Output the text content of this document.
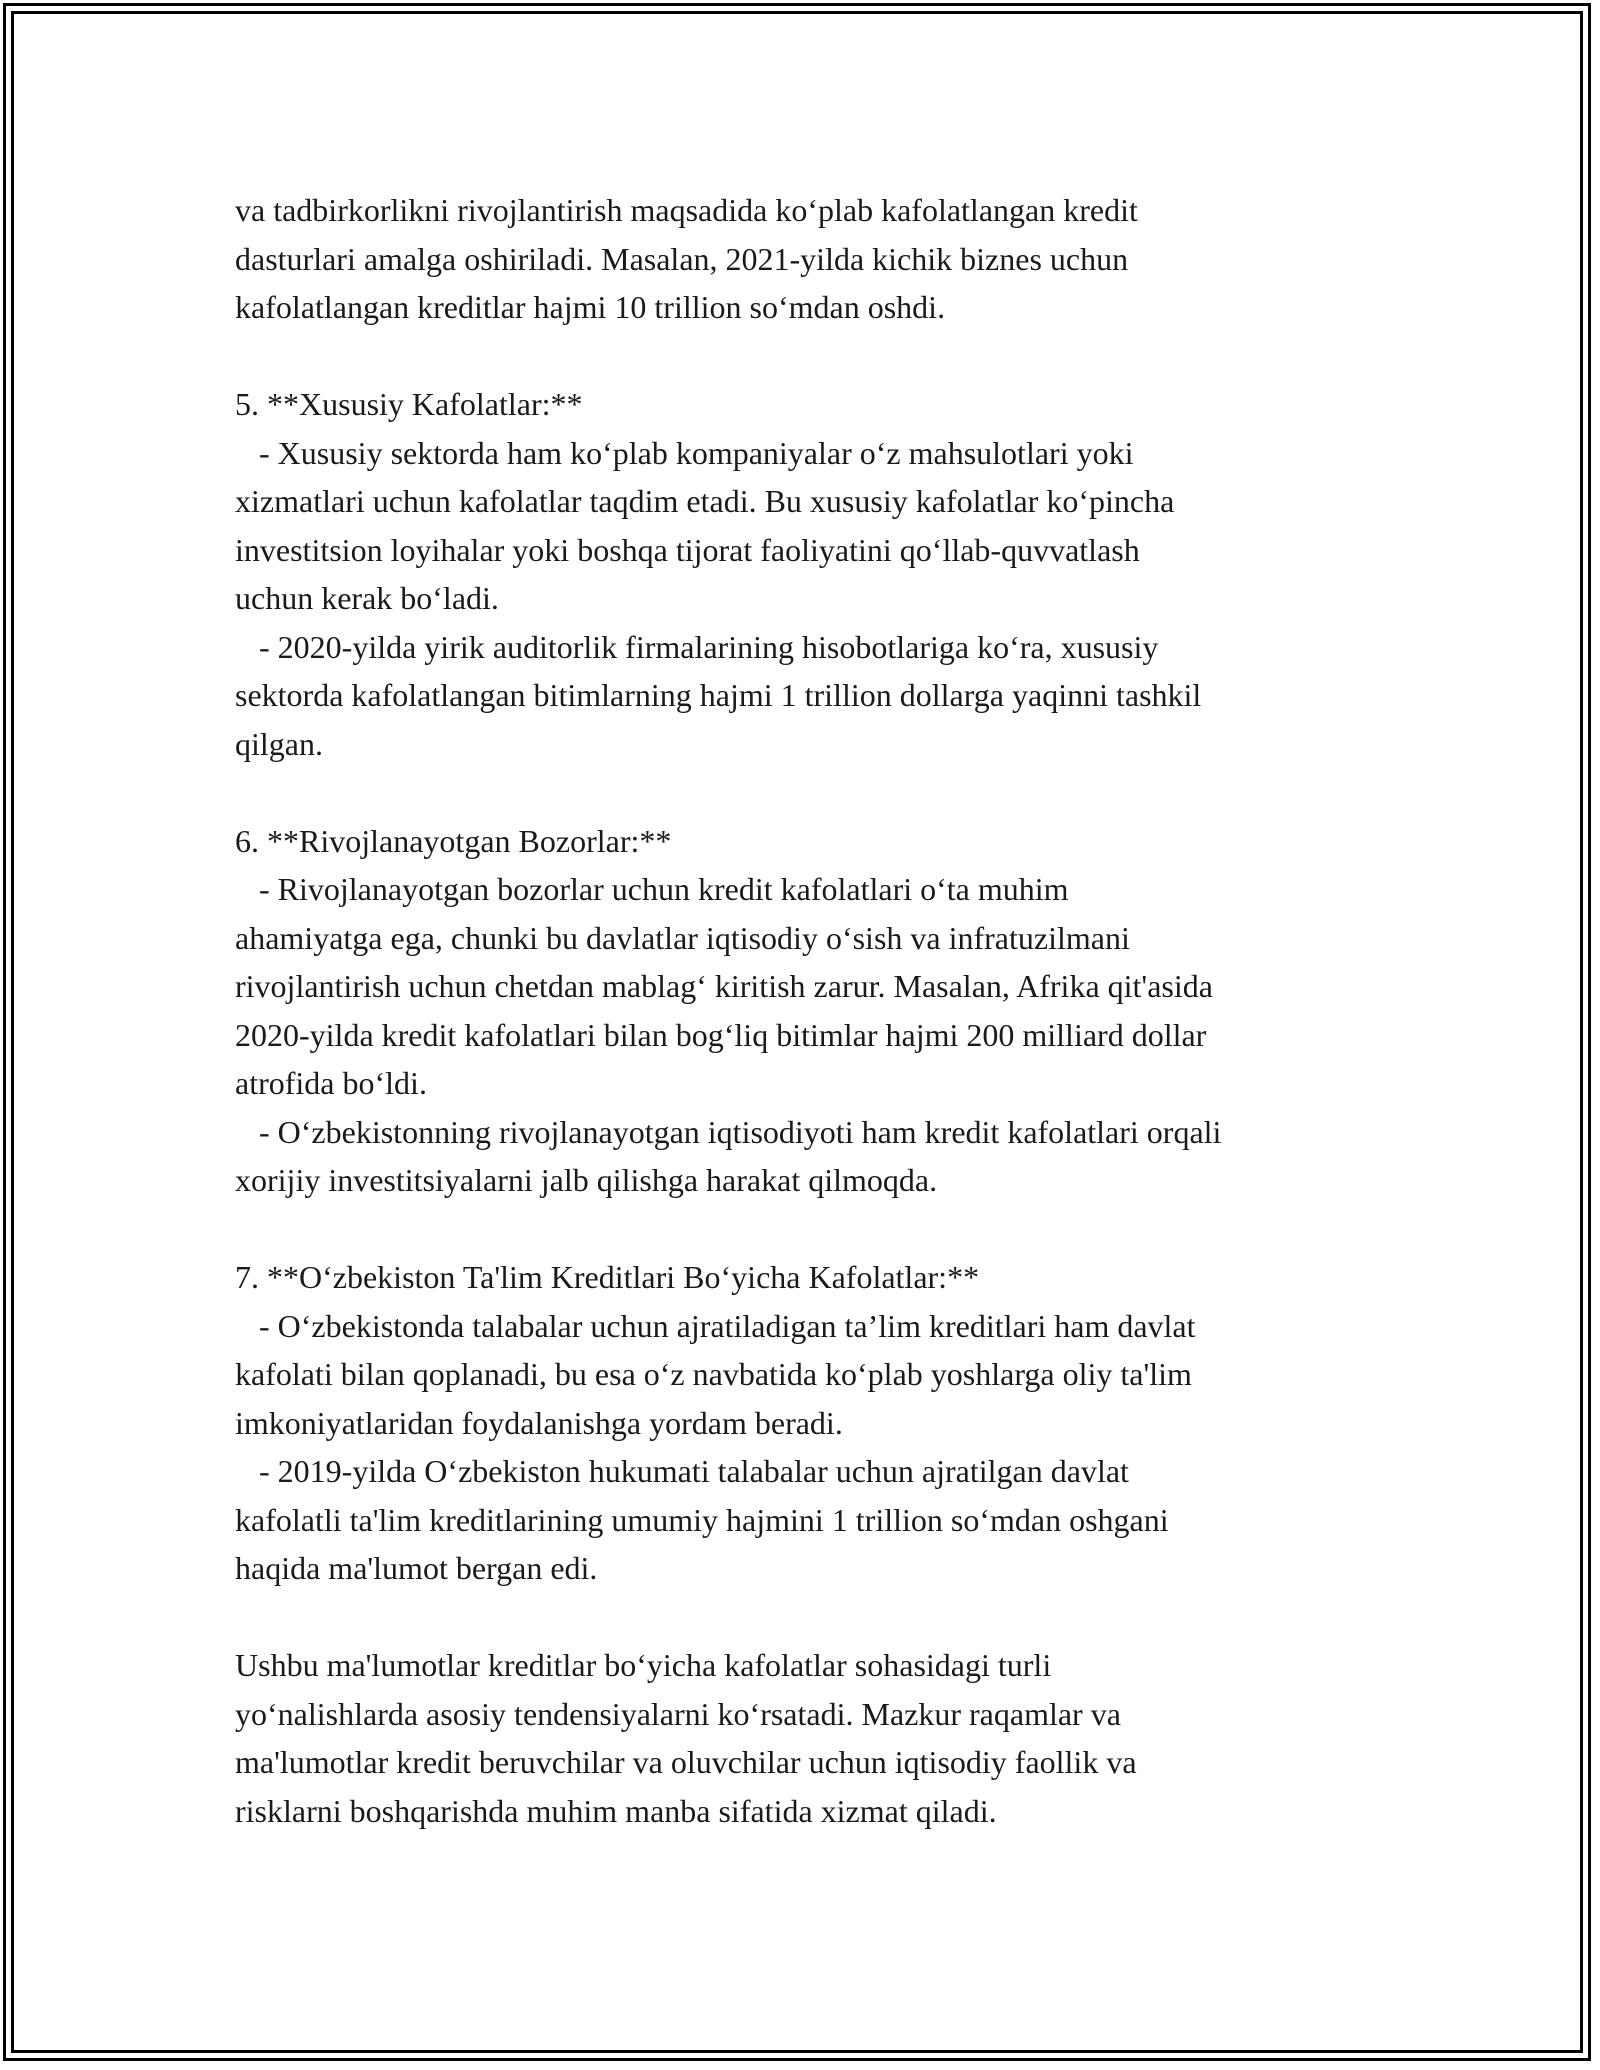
va tadbirkorlikni rivojlantirish maqsadida ko‘plab kafolatlangan kredit
dasturlari amalga oshiriladi. Masalan, 2021-yilda kichik biznes uchun
kafolatlangan kreditlar hajmi 10 trillion so‘mdan oshdi.
5. **Xususiy Kafolatlar:**
- Xususiy sektorda ham ko‘plab kompaniyalar o‘z mahsulotlari yoki
xizmatlari uchun kafolatlar taqdim etadi. Bu xususiy kafolatlar ko‘pincha
investitsion loyihalar yoki boshqa tijorat faoliyatini qo‘llab-quvvatlash
uchun kerak bo‘ladi.
- 2020-yilda yirik auditorlik firmalarining hisobotlariga ko‘ra, xususiy
sektorda kafolatlangan bitimlarning hajmi 1 trillion dollarga yaqinni tashkil
qilgan.
6. **Rivojlanayotgan Bozorlar:**
- Rivojlanayotgan bozorlar uchun kredit kafolatlari o‘ta muhim
ahamiyatga ega, chunki bu davlatlar iqtisodiy o‘sish va infratuzilmani
rivojlantirish uchun chetdan mablag‘ kiritish zarur. Masalan, Afrika qit'asida
2020-yilda kredit kafolatlari bilan bog‘liq bitimlar hajmi 200 milliard dollar
atrofida bo‘ldi.
- O‘zbekistonning rivojlanayotgan iqtisodiyoti ham kredit kafolatlari orqali
xorijiy investitsiyalarni jalb qilishga harakat qilmoqda.
7. **O‘zbekiston Ta'lim Kreditlari Bo‘yicha Kafolatlar:**
- O‘zbekistonda talabalar uchun ajratiladigan ta’lim kreditlari ham davlat
kafolati bilan qoplanadi, bu esa o‘z navbatida ko‘plab yoshlarga oliy ta'lim
imkoniyatlaridan foydalanishga yordam beradi.
- 2019-yilda O‘zbekiston hukumati talabalar uchun ajratilgan davlat
kafolatli ta'lim kreditlarining umumiy hajmini 1 trillion so‘mdan oshgani
haqida ma'lumot bergan edi.
Ushbu ma'lumotlar kreditlar bo‘yicha kafolatlar sohasidagi turli
yo‘nalishlarda asosiy tendensiyalarni ko‘rsatadi. Mazkur raqamlar va
ma'lumotlar kredit beruvchilar va oluvchilar uchun iqtisodiy faollik va
risklarni boshqarishda muhim manba sifatida xizmat qiladi.
